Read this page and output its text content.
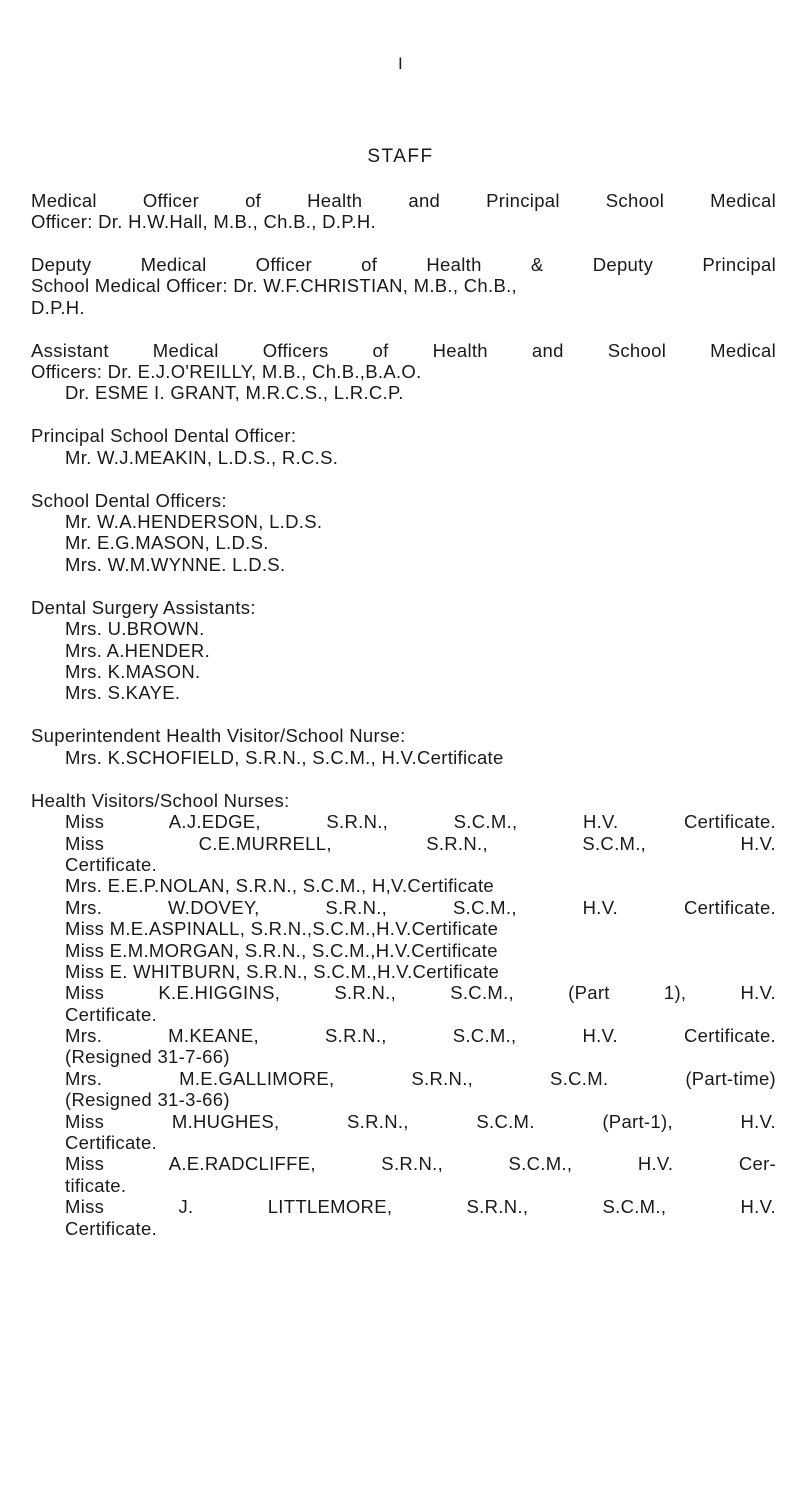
I
STAFF
Medical Officer of Health and Principal School Medical
Officer: Dr. H.W.Hall, M.B., Ch.B., D.P.H.
Deputy Medical Officer of Health & Deputy Principal
School Medical Officer: Dr. W.F.CHRISTIAN, M.B., Ch.B.,
D.P.H.
Assistant Medical Officers of Health and School Medical
Officers: Dr. E.J.O'REILLY, M.B., Ch.B.,B.A.O.
Dr. ESME I. GRANT, M.R.C.S., L.R.C.P.
Principal School Dental Officer:
Mr. W.J.MEAKIN, L.D.S., R.C.S.
School Dental Officers:
Mr. W.A.HENDERSON, L.D.S.
Mr. E.G.MASON, L.D.S.
Mrs. W.M.WYNNE. L.D.S.
Dental Surgery Assistants:
Mrs. U.BROWN.
Mrs. A.HENDER.
Mrs. K.MASON.
Mrs. S.KAYE.
Superintendent Health Visitor/School Nurse:
Mrs. K.SCHOFIELD, S.R.N., S.C.M., H.V.Certificate
Health Visitors/School Nurses:
Miss A.J.EDGE, S.R.N., S.C.M., H.V. Certificate.
Miss C.E.MURRELL, S.R.N., S.C.M., H.V.
Certificate.
Mrs. E.E.P.NOLAN, S.R.N., S.C.M., H,V.Certificate
Mrs. W.DOVEY, S.R.N., S.C.M., H.V. Certificate.
Miss M.E.ASPINALL, S.R.N.,S.C.M.,H.V.Certificate
Miss E.M.MORGAN, S.R.N., S.C.M.,H.V.Certificate
Miss E. WHITBURN, S.R.N., S.C.M.,H.V.Certificate
Miss K.E.HIGGINS, S.R.N., S.C.M., (Part 1), H.V.
Certificate.
Mrs. M.KEANE, S.R.N., S.C.M., H.V. Certificate.
(Resigned 31-7-66)
Mrs. M.E.GALLIMORE, S.R.N., S.C.M. (Part-time)
(Resigned 31-3-66)
Miss M.HUGHES, S.R.N., S.C.M. (Part-1), H.V.
Certificate.
Miss A.E.RADCLIFFE, S.R.N., S.C.M., H.V. Cer-
tificate.
Miss J. LITTLEMORE, S.R.N., S.C.M., H.V.
Certificate.
